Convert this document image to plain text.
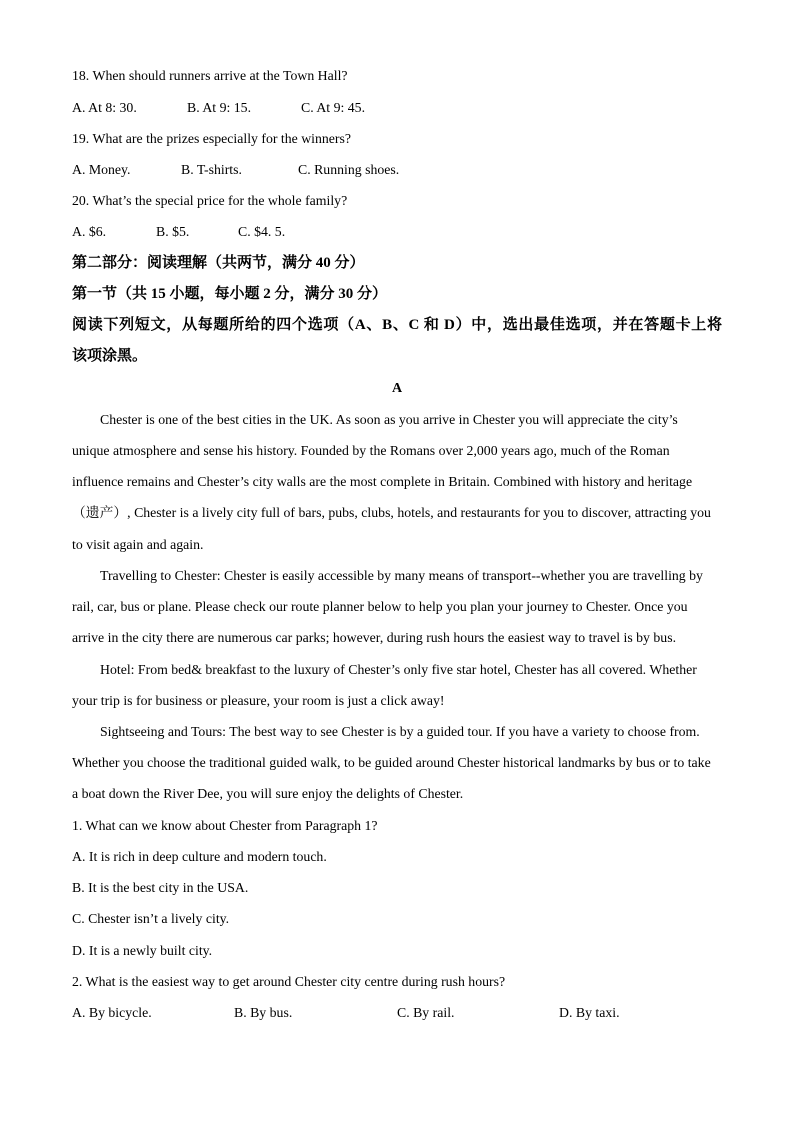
18. When should runners arrive at the Town Hall?
A. At 8: 30.	B. At 9: 15.	C. At 9: 45.
19. What are the prizes especially for the winners?
A. Money.	B. T-shirts.	C. Running shoes.
20. What’s the special price for the whole family?
A. $6.	B. $5.	C. $4. 5.
第二部分：阅读理解（共两节，满分 40 分）
第一节（共 15 小题，每小题 2 分，满分 30 分）
阅读下列短文，从每题所给的四个选项（A、B、C 和 D）中，选出最佳选项，并在答题卡上将
该项涂黑。
A
Chester is one of the best cities in the UK. As soon as you arrive in Chester you will appreciate the city’s
unique atmosphere and sense his history. Founded by the Romans over 2,000 years ago, much of the Roman
influence remains and Chester’s city walls are the most complete in Britain. Combined with history and heritage
（遗产）, Chester is a lively city full of bars, pubs, clubs, hotels, and restaurants for you to discover, attracting you
to visit again and again.
Travelling to Chester: Chester is easily accessible by many means of transport--whether you are travelling by
rail, car, bus or plane. Please check our route planner below to help you plan your journey to Chester. Once you
arrive in the city there are numerous car parks; however, during rush hours the easiest way to travel is by bus.
Hotel: From bed& breakfast to the luxury of Chester’s only five star hotel, Chester has all covered. Whether
your trip is for business or pleasure, your room is just a click away!
Sightseeing and Tours: The best way to see Chester is by a guided tour. If you have a variety to choose from.
Whether you choose the traditional guided walk, to be guided around Chester historical landmarks by bus or to take
a boat down the River Dee, you will sure enjoy the delights of Chester.
1. What can we know about Chester from Paragraph 1?
A. It is rich in deep culture and modern touch.
B. It is the best city in the USA.
C. Chester isn’t a lively city.
D. It is a newly built city.
2. What is the easiest way to get around Chester city centre during rush hours?
A. By bicycle.	B. By bus.	C. By rail.	D. By taxi.
